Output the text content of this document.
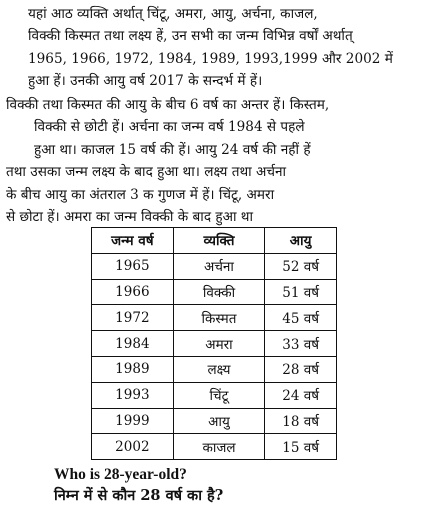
यहां आठ व्यक्ति अर्थात् चिंटू, अमरा, आयु, अर्चना, काजल,
विक्की किस्मत तथा लक्ष्य हें, उन सभी का जन्म विभिन्न वर्षों अर्थात्
1965, 1966, 1972, 1984, 1989, 1993,1999 और 2002 में
हुआ हें। उनकी आयु वर्ष 2017 के सन्दर्भ में हें।
विक्की तथा किस्मत की आयु के बीच 6 वर्ष का अन्तर हें। किस्तम,
विक्की से छोटी हें। अर्चना का जन्म वर्ष 1984 से पहले
हुआ था। काजल 15 वर्ष की हें। आयु 24 वर्ष की नहीं हें
तथा उसका जन्म लक्ष्य के बाद हुआ था। लक्ष्य तथा अर्चना
के बीच आयु का अंतराल 3 क गुणज में हें। चिंटू, अमरा
से छोटा हें। अमरा का जन्म विक्की के बाद हुआ था
जन्म वर्ष	व्यक्ति	आयु
1965	अर्चना	52 वर्ष
1966	विक्की	51 वर्ष
1972	किस्मत	45 वर्ष
1984	अमरा	33 वर्ष
1989	लक्ष्य	28 वर्ष
1993	चिंटू	24 वर्ष
1999	आयु	18 वर्ष
2002	काजल	15 वर्ष

Who is 28-year-old?

निम्न में से कौन 28 वर्ष का है?
